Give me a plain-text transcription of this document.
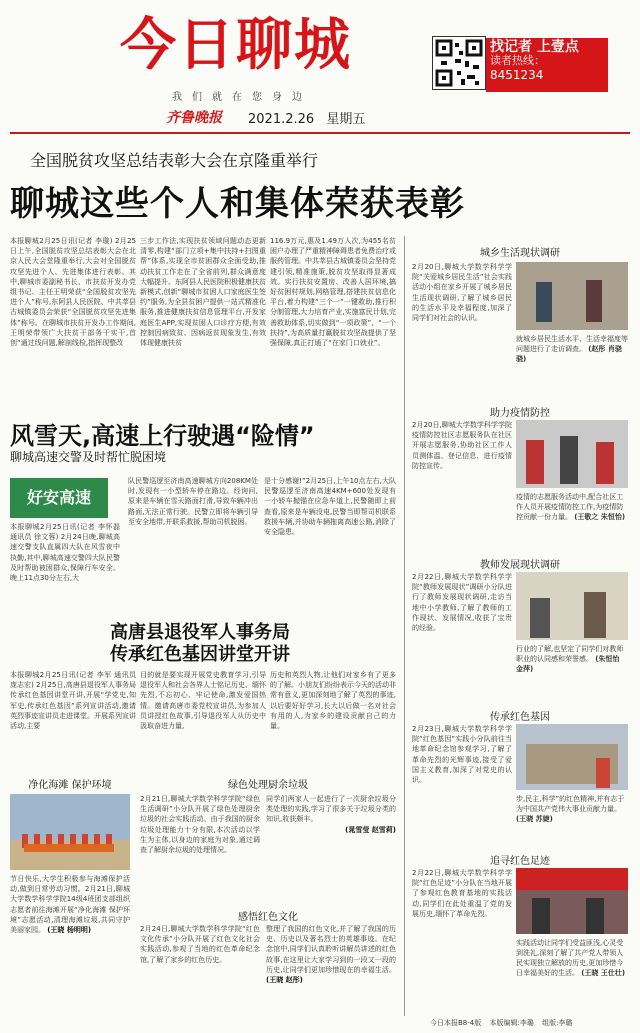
今日聊城
我们就在您身边
齐鲁晚报 2021.2.26 星期五
找记者 上壹点
读者热线：
8451234
全国脱贫攻坚总结表彰大会在京隆重举行
聊城这些个人和集体荣获表彰
本报聊城2月25日讯(记者 李璇) 2月25日上午,全国脱贫攻坚总结表彰大会在北京人民大会堂隆重举行,大会对全国脱贫攻坚先进个人、先进集体进行表彰。其中,聊城市委副秘书长、市扶贫开发办党组书记、主任王明荣获“全国脱贫攻坚先进个人”称号,东阿县人民医院、中共莘县古城镇委员会荣获“全国脱贫攻坚先进集体”称号。在聊城市扶贫开发办工作期间,王明荣带领广大扶贫干部务干实干,首创“通过线问题,解剖线检,指挥现整改
三步工作法,实现扶贫领域问题动态更新清零,构建“部门立项+集中扶持+扫图重帮”体系,实现全市贫困群众全面受助,推动扶贫工作走在了全省前列,群众满意度大幅提升。东阿县人民医院积极健康扶贫新模式,创新“聊城市贫困人口家庭医生签约”服务,为全县贫困户提供一站式精准化服务,推进健康扶贫信息管理平台,开发家庭医生APP,实现贫困人口诊疗方便,有效控制因病致贫、因病返贫现象发生,有效体现健康扶贫
116.9万元,惠及1.49万人次,为455名贫困户办理了严重精神障碍患者免费治疗或服药管理。中共莘县古城镇委员会坚持党建引领,精准施策,脱贫攻坚取得显著成效。实行扶贫安置房、改善人居环境,搞好贫困村规划,网格管理,搭建扶贫信息化平台,着力构建“三个一”一键救助,推行积分制管理,大力培育产业,实施富民计划,完善救助体系,切实做到“一项政策”、“一个扶持”,为高质量打赢脱贫攻坚战提供了坚强保障,真正打通了“在家门口就业”。
风雪天,高速上行驶遇“险情”
聊城高速交警及时帮忙脱困境
好安高速
本报聊城2月25日讯(记者 李怀磊 通讯员 徐文蓉) 2月24日晚,聊城高速交警支队直属四大队在风雪夜中执勤,其中,聊城高速交警四大队民警及时帮助被困群众,保障行车安全。晚上11点30分左右,大
队民警巡逻至济南高速聊城方向208KM处时,发现有一小型轿车停在路边。经询问,原来是车辆在雪天路面打滑,导致车辆冲出路面,无法正常行驶。民警立即将车辆引导至安全地带,并联系救援,帮助司机脱困。
是十分感谢!”2月25日,上午10点左右,大队民警巡逻至济南高速4KM+600处发现有一小轿车抛锚在应急车道上,民警随即上前查看,原来是车辆没电,民警当即帮司机联系救援车辆,并协助车辆拖离高速公路,消除了安全隐患。
高唐县退役军人事务局
传承红色基因讲堂开讲
本报聊城2月25日讯(记者 李军 通讯员 庞志宏) 2月25日,高唐县退役军人事务局传承红色基因讲堂开讲,开展“学党史,知军史,传承红色基因”系列宣讲活动,邀请英烈事迹宣讲员走进课堂。开展系列宣讲活动,主要
目的就是要实现开展党史教育学习,引导退役军人和社会各界人士铭记历史、缅怀先烈,不忘初心、牢记使命,激发爱国热情。邀请高唐市委党校宣讲员,为参加人员讲授红色故事,引导退役军人从历史中汲取奋进力量,
历史和英烈人物,让他们对家乡有了更多的了解。小朋友们纷纷表示今天的活动非常有意义,更加深刻地了解了英烈的事迹,以后要好好学习,长大以后做一名对社会有用的人,为家乡的建设贡献自己的力量。
净化海滩 保护环境
节日快乐,大学生积极参与海滩保护活动,做到日常劳动习惯。2月21日,聊城大学数学科学学院14级4班团支部组织志愿者前往海滩开展“净化海滩 保护环境”志愿活动,清理海滩垃圾,共同守护美丽家园。 (王晓 杨明明)
绿色处理厨余垃圾
2月21日,聊城大学数学科学学院“绿色生活调研”小分队开展了绿色处理厨余垃圾的社会实践活动。由于我国的厨余垃圾处理能力十分有限,本次活动以学生为主体,以身边的家庭为对象,通过调查了解厨余垃圾的处理情况。
同学们两家人一起进行了一次厨余垃圾分类处理的实践,学习了很多关于垃圾分类的知识,收获颇丰。
(晁雪莹 赵雪莉)
感悟红色文化
2月24日,聊城大学数学科学学院“红色文化传承”小分队开展了红色文化社会实践活动,参观了当地的红色革命纪念馆,了解了家乡的红色历史。
整理了我国的红色文化,并了解了我国的历史、历史以及著名烈士的英雄事迹。在纪念馆中,同学们认真聆听讲解员讲述的红色故事,在这里让大家学习到的一段又一段的历史,让同学们更加珍惜现在的幸福生活。 (王晓 赵彤)
城乡生活现状调研
2月20日,聊城大学数学科学学院“关爱城乡居民生活”社会实践活动小组在家乡开展了城乡居民生活现状调研,了解了城乡居民的生活水平及幸福程度,加深了同学们对社会的认识。
就城乡居民生活水平、生活幸福度等问题进行了走访调查。 (赵彤 肖骁骁)
助力疫情防控
2月20日,聊城大学数学科学学院疫情防控社区志愿服务队在社区开展志愿服务,协助社区工作人员测体温、登记信息、进行疫情防控宣传。
疫情的志愿服务活动中,配合社区工作人员开展疫情防控工作,为疫情防控贡献一份力量。 (王敬之 朱恒怡)
教师发展现状调研
2月22日,聊城大学数学科学学院“教师发展现状”调研小分队进行了教师发展现状调研,走访当地中小学教师,了解了教师的工作现状、发展情况,收获了宝贵的经验。
行业的了解,也坚定了同学们对教师职业的认同感和荣誉感。 (朱恒怡 金萍)
传承红色基因
2月23日,聊城大学数学科学学院“红色基因”实践小分队前往当地革命纪念馆参观学习,了解了革命先烈的光辉事迹,接受了爱国主义教育,加深了对党史的认识。
步,民主,科学”的红色精神,并有志于为中国共产党伟大事业贡献力量。 (王晓 苏婕)
追寻红色足迹
2月22日,聊城大学数学科学学院“红色足迹”小分队在当地开展了参观红色教育基地的实践活动,同学们在此处重温了党的发展历史,缅怀了革命先烈。
实践活动让同学们受益匪浅,心灵受到洗礼,深刻了解了共产党人带领人民实现独立解放的历史,更加珍惜今日幸福美好的生活。 (王晓 王仕壮)
今日本报B8-4版 本版编辑:李璐 组版:李璐
